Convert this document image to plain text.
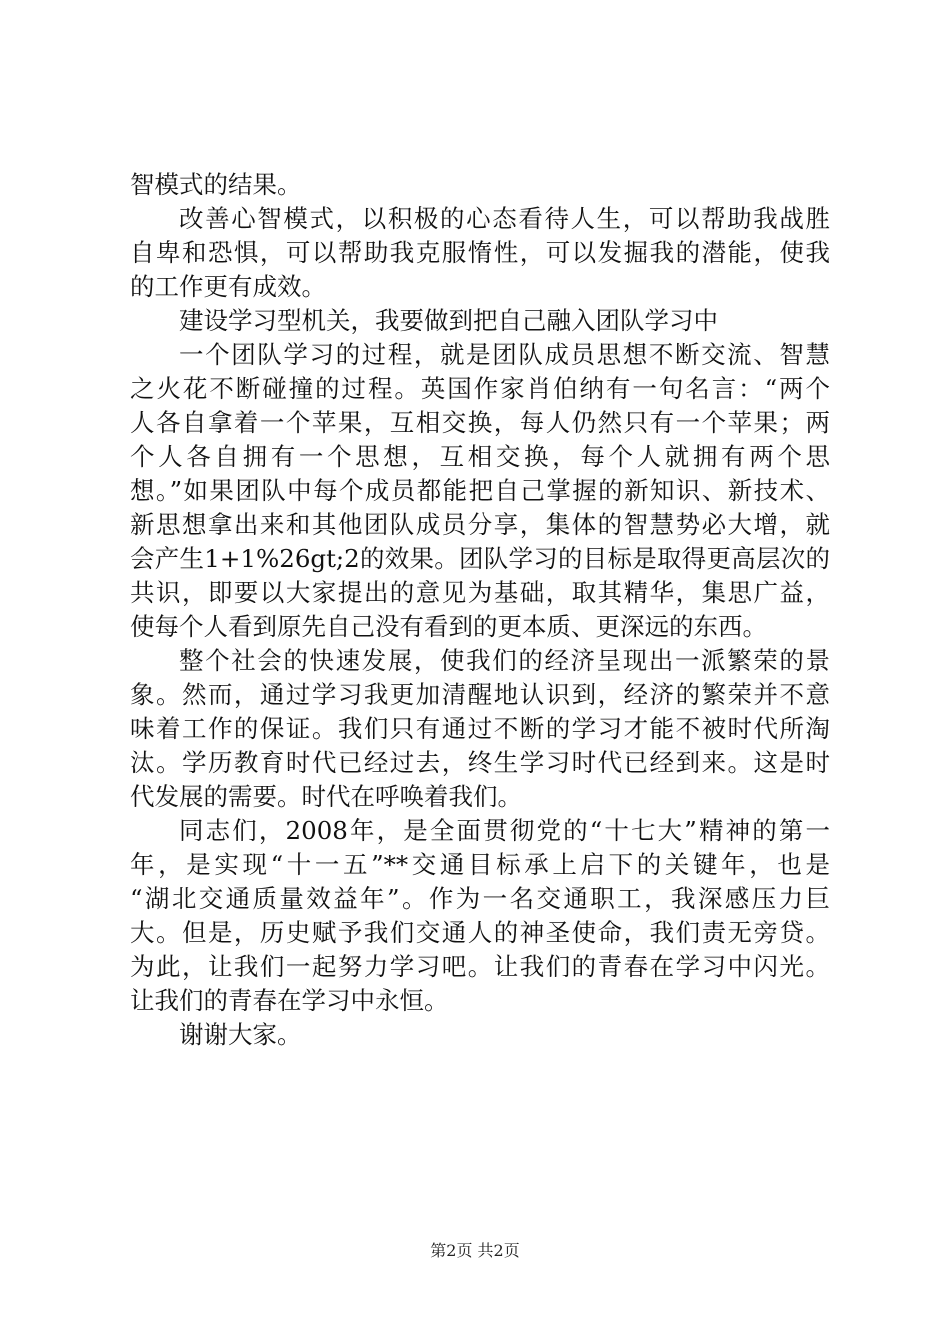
智模式的结果。
改善心智模式，以积极的心态看待人生，可以帮助我战胜
自卑和恐惧，可以帮助我克服惰性，可以发掘我的潜能，使我
的工作更有成效。
建设学习型机关，我要做到把自己融入团队学习中
一个团队学习的过程，就是团队成员思想不断交流、智慧
之火花不断碰撞的过程。英国作家肖伯纳有一句名言：“两个
人各自拿着一个苹果，互相交换，每人仍然只有一个苹果；两
个人各自拥有一个思想，互相交换，每个人就拥有两个思
想。”如果团队中每个成员都能把自己掌握的新知识、新技术、
新思想拿出来和其他团队成员分享，集体的智慧势必大增，就
会产生1+1%26gt;2的效果。团队学习的目标是取得更高层次的
共识，即要以大家提出的意见为基础，取其精华，集思广益，
使每个人看到原先自己没有看到的更本质、更深远的东西。
整个社会的快速发展，使我们的经济呈现出一派繁荣的景
象。然而，通过学习我更加清醒地认识到，经济的繁荣并不意
味着工作的保证。我们只有通过不断的学习才能不被时代所淘
汰。学历教育时代已经过去，终生学习时代已经到来。这是时
代发展的需要。时代在呼唤着我们。
同志们，2008年，是全面贯彻党的“十七大”精神的第一
年，是实现“十一五”**交通目标承上启下的关键年，也是
“湖北交通质量效益年”。作为一名交通职工，我深感压力巨
大。但是，历史赋予我们交通人的神圣使命，我们责无旁贷。
为此，让我们一起努力学习吧。让我们的青春在学习中闪光。
让我们的青春在学习中永恒。
谢谢大家。
第2页 共2页
